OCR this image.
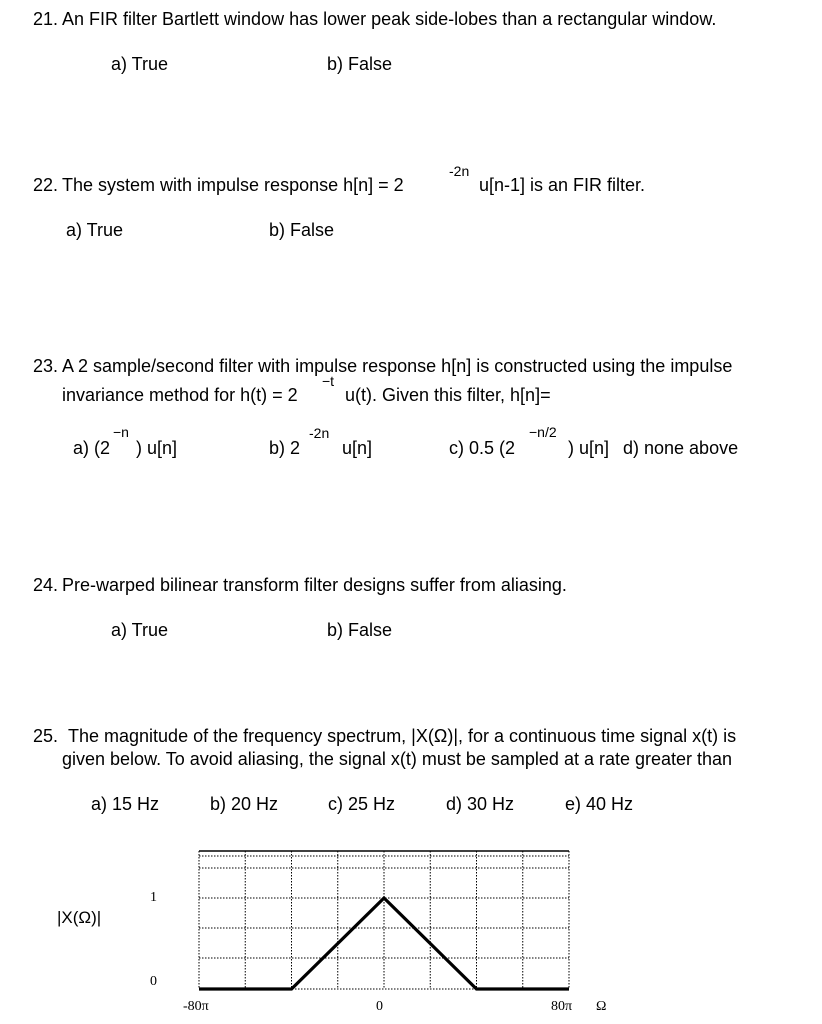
21. An FIR filter Bartlett window has lower peak side-lobes than a rectangular window.
a) True	b) False
22. The system with impulse response h[n] = 2
-2n
u[n-1] is an FIR filter.
a) True	b) False
23. A 2 sample/second filter with impulse response h[n] is constructed using the impulse
invariance method for h(t) = 2
−t
u(t). Given this filter, h[n]=
a) (2
−n
) u[n]	b) 2
-2n
u[n]	c) 0.5 (2
−n/2
) u[n] d) none above
24. Pre-warped bilinear transform filter designs suffer from aliasing.
a) True	b) False
25. The magnitude of the frequency spectrum, |X(Ω)|, for a continuous time signal x(t) is
given below. To avoid aliasing, the signal x(t) must be sampled at a rate greater than
a) 15 Hz	b) 20 Hz	c) 25 Hz	d) 30 Hz	e) 40 Hz
|X(Ω)|
1
0
-80π	0	80π Ω
